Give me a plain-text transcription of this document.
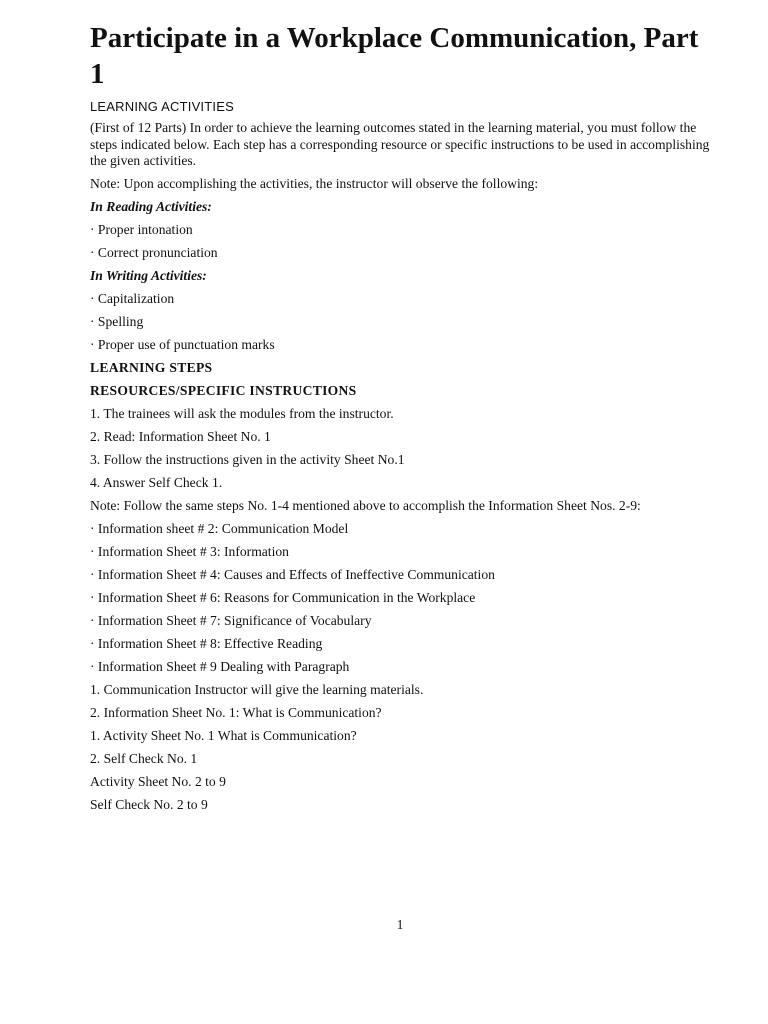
Participate in a Workplace Communication, Part 1
LEARNING ACTIVITIES

(First of 12 Parts) In order to achieve the learning outcomes stated in the learning material, you must follow the steps indicated below. Each step has a corresponding resource or specific instructions to be used in accomplishing the given activities.

Note: Upon accomplishing the activities, the instructor will observe the following:
In Reading Activities:
· Proper intonation
· Correct pronunciation
In Writing Activities:
· Capitalization
· Spelling
· Proper use of punctuation marks
LEARNING STEPS
RESOURCES/SPECIFIC INSTRUCTIONS
1. The trainees will ask the modules from the instructor.
2. Read: Information Sheet No. 1
3. Follow the instructions given in the activity Sheet No.1
4. Answer Self Check 1.
Note: Follow the same steps No. 1-4 mentioned above to accomplish the Information Sheet Nos. 2-9:
· Information sheet # 2: Communication Model
· Information Sheet # 3: Information
· Information Sheet # 4: Causes and Effects of Ineffective Communication
· Information Sheet # 6: Reasons for Communication in the Workplace
· Information Sheet # 7: Significance of Vocabulary
· Information Sheet # 8: Effective Reading
· Information Sheet # 9 Dealing with Paragraph
1. Communication Instructor will give the learning materials.
2. Information Sheet No. 1: What is Communication?
1. Activity Sheet No. 1 What is Communication?
2. Self Check No. 1
Activity Sheet No. 2 to 9
Self Check No. 2 to 9
1
